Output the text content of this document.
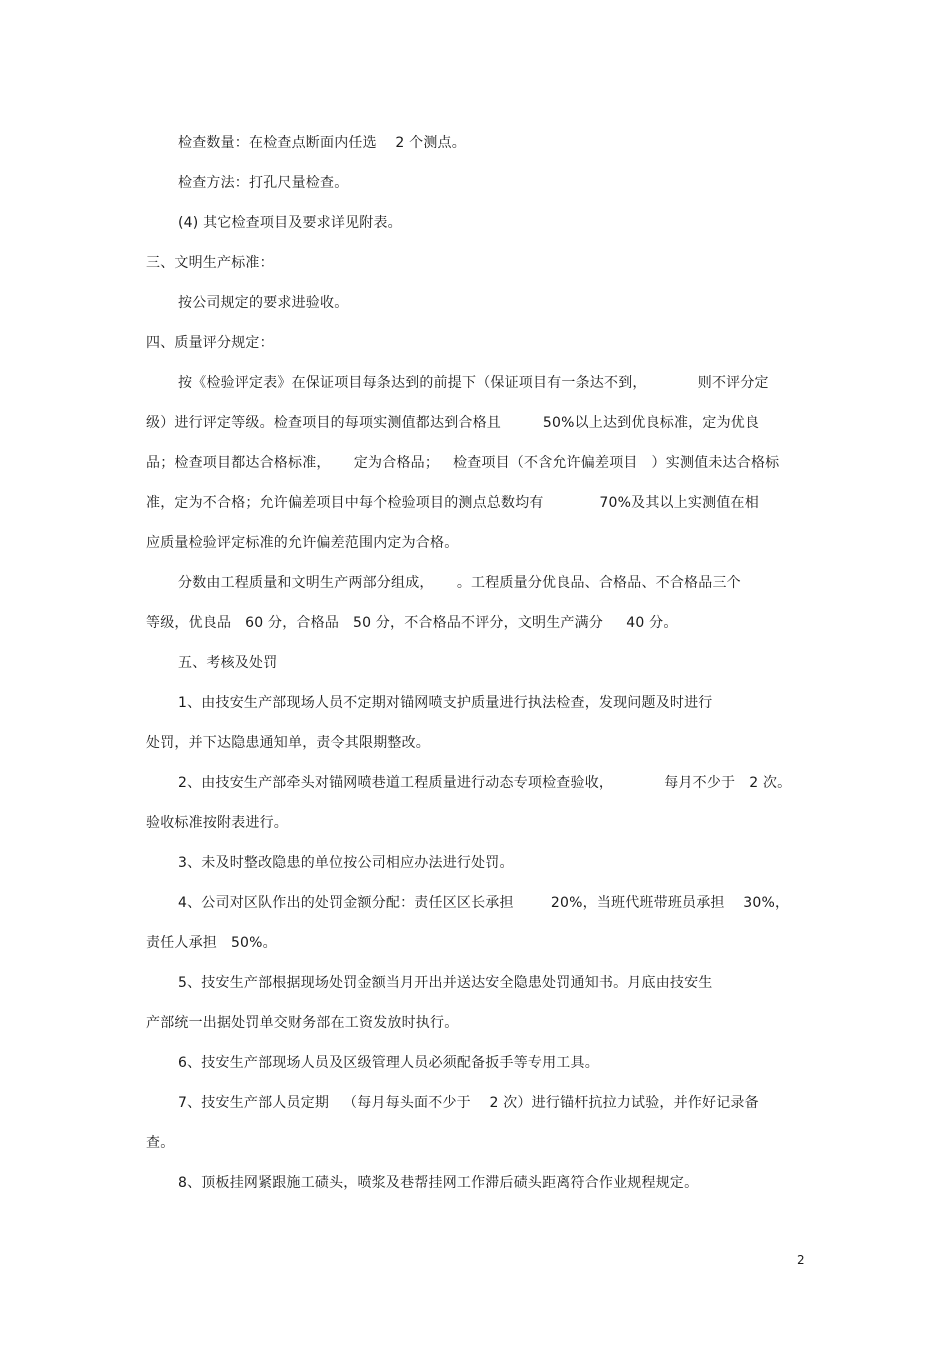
检查数量：在检查点断面内任选    2 个测点。
检查方法：打孔尺量检查。
(4) 其它检查项目及要求详见附表。
三、文明生产标准：
按公司规定的要求进验收。
四、质量评分规定：
按《检验评定表》在保证项目每条达到的前提下（保证项目有一条达不到，           则不评分定
级）进行评定等级。检查项目的每项实测值都达到合格且         50%以上达到优良标准，定为优良
品；检查项目都达合格标准，     定为合格品；   检查项目（不含允许偏差项目   ）实测值未达合格标
准，定为不合格；允许偏差项目中每个检验项目的测点总数均有            70%及其以上实测值在相
应质量检验评定标准的允许偏差范围内定为合格。
分数由工程质量和文明生产两部分组成，     。工程质量分优良品、合格品、不合格品三个
等级，优良品   60 分，合格品   50 分，不合格品不评分，文明生产满分     40 分。
五、考核及处罚
1、由技安生产部现场人员不定期对锚网喷支护质量进行执法检查，发现问题及时进行
处罚，并下达隐患通知单，责令其限期整改。
2、由技安生产部牵头对锚网喷巷道工程质量进行动态专项检查验收，           每月不少于   2 次。
验收标准按附表进行。
3、未及时整改隐患的单位按公司相应办法进行处罚。
4、公司对区队作出的处罚金额分配：责任区区长承担        20%，当班代班带班员承担    30%，
责任人承担   50%。
5、技安生产部根据现场处罚金额当月开出并送达安全隐患处罚通知书。月底由技安生
产部统一出据处罚单交财务部在工资发放时执行。
6、技安生产部现场人员及区级管理人员必须配备扳手等专用工具。
7、技安生产部人员定期   （每月每头面不少于    2 次）进行锚杆抗拉力试验，并作好记录备
查。
8、顶板挂网紧跟施工碛头，喷浆及巷帮挂网工作滞后碛头距离符合作业规程规定。
2
